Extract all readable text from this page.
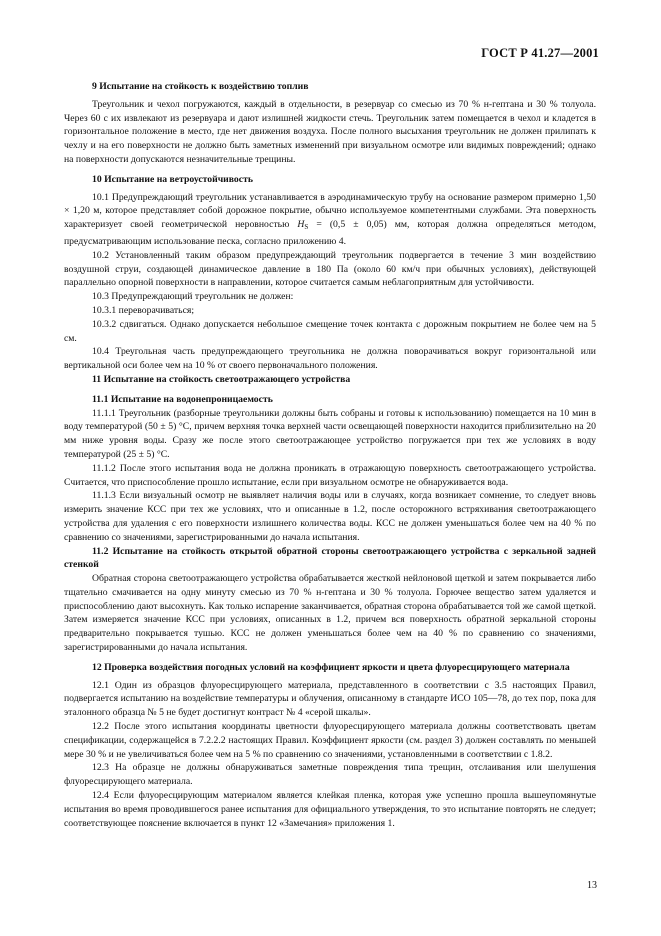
ГОСТ Р 41.27—2001
9 Испытание на стойкость к воздействию топлив

Треугольник и чехол погружаются, каждый в отдельности, в резервуар со смесью из 70 % н-гептана и 30 % толуола. Через 60 с их извлекают из резервуара и дают излишней жидкости стечь. Треугольник затем помещается в чехол и кладется в горизонтальное положение в место, где нет движения воздуха. После полного высыхания треугольник не должен прилипать к чехлу и на его поверхности не должно быть заметных изменений при визуальном осмотре или видимых повреждений; однако на поверхности допускаются незначительные трещины.

10 Испытание на ветроустойчивость

10.1 Предупреждающий треугольник устанавливается в аэродинамическую трубу на основание размером примерно 1,50 × 1,20 м, которое представляет собой дорожное покрытие, обычно используемое компетентными службами. Эта поверхность характеризует своей геометрической неровностью $H_S = (0,5 \pm 0,05)$ мм, которая должна определяться методом, предусматривающим использование песка, согласно приложению 4.

10.2 Установленный таким образом предупреждающий треугольник подвергается в течение 3 мин воздействию воздушной струи, создающей динамическое давление в 180 Па (около 60 км/ч при обычных условиях), действующей параллельно опорной поверхности в направлении, которое считается самым неблагоприятным для устойчивости.

10.3 Предупреждающий треугольник не должен:

10.3.1 переворачиваться;

10.3.2 сдвигаться. Однако допускается небольшое смещение точек контакта с дорожным покрытием не более чем на 5 см.

10.4 Треугольная часть предупреждающего треугольника не должна поворачиваться вокруг горизонтальной или вертикальной оси более чем на 10 % от своего первоначального положения.

11 Испытание на стойкость светоотражающего устройства
11.1 Испытание на водонепроницаемость

11.1.1 Треугольник (разборные треугольники должны быть собраны и готовы к использованию) помещается на 10 мин в воду температурой (50 ± 5) °С, причем верхняя точка верхней части освещающей поверхности находится приблизительно на 20 мм ниже уровня воды. Сразу же после этого светоотражающее устройство погружается при тех же условиях в воду температурой (25 ± 5) °С.

11.1.2 После этого испытания вода не должна проникать в отражающую поверхность светоотражающего устройства. Считается, что приспособление прошло испытание, если при визуальном осмотре не обнаруживается вода.

11.1.3 Если визуальный осмотр не выявляет наличия воды или в случаях, когда возникает сомнение, то следует вновь измерить значение КСС при тех же условиях, что и описанные в 1.2, после осторожного встряхивания светоотражающего устройства для удаления с его поверхности излишнего количества воды. КСС не должен уменьшаться более чем на 40 % по сравнению со значениями, зарегистрированными до начала испытания.

11.2 Испытание на стойкость открытой обратной стороны светоотражающего устройства с зеркальной задней стенкой

Обратная сторона светоотражающего устройства обрабатывается жесткой нейлоновой щеткой и затем покрывается либо тщательно смачивается на одну минуту смесью из 70 % н-гептана и 30 % толуола. Горючее вещество затем удаляется и приспособлению дают высохнуть. Как только испарение заканчивается, обратная сторона обрабатывается той же самой щеткой. Затем измеряется значение КСС при условиях, описанных в 1.2, причем вся поверхность обратной зеркальной стороны предварительно покрывается тушью. КСС не должен уменьшаться более чем на 40 % по сравнению со значениями, зарегистрированными до начала испытания.

12 Проверка воздействия погодных условий на коэффициент яркости и цвета флуоресцирующего материала

12.1 Один из образцов флуоресцирующего материала, представленного в соответствии с 3.5 настоящих Правил, подвергается испытанию на воздействие температуры и облучения, описанному в стандарте ИСО 105—78, до тех пор, пока для эталонного образца № 5 не будет достигнут контраст № 4 «серой шкалы».

12.2 После этого испытания координаты цветности флуоресцирующего материала должны соответствовать цветам спецификации, содержащейся в 7.2.2.2 настоящих Правил. Коэффициент яркости (см. раздел 3) должен составлять по меньшей мере 30 % и не увеличиваться более чем на 5 % по сравнению со значениями, установленными в соответствии с 1.8.2.

12.3 На образце не должны обнаруживаться заметные повреждения типа трещин, отслаивания или шелушения флуоресцирующего материала.

12.4 Если флуоресцирующим материалом является клейкая пленка, которая уже успешно прошла вышеупомянутые испытания во время проводившегося ранее испытания для официального утверждения, то это испытание повторять не следует; соответствующее пояснение включается в пункт 12 «Замечания» приложения 1.

13
